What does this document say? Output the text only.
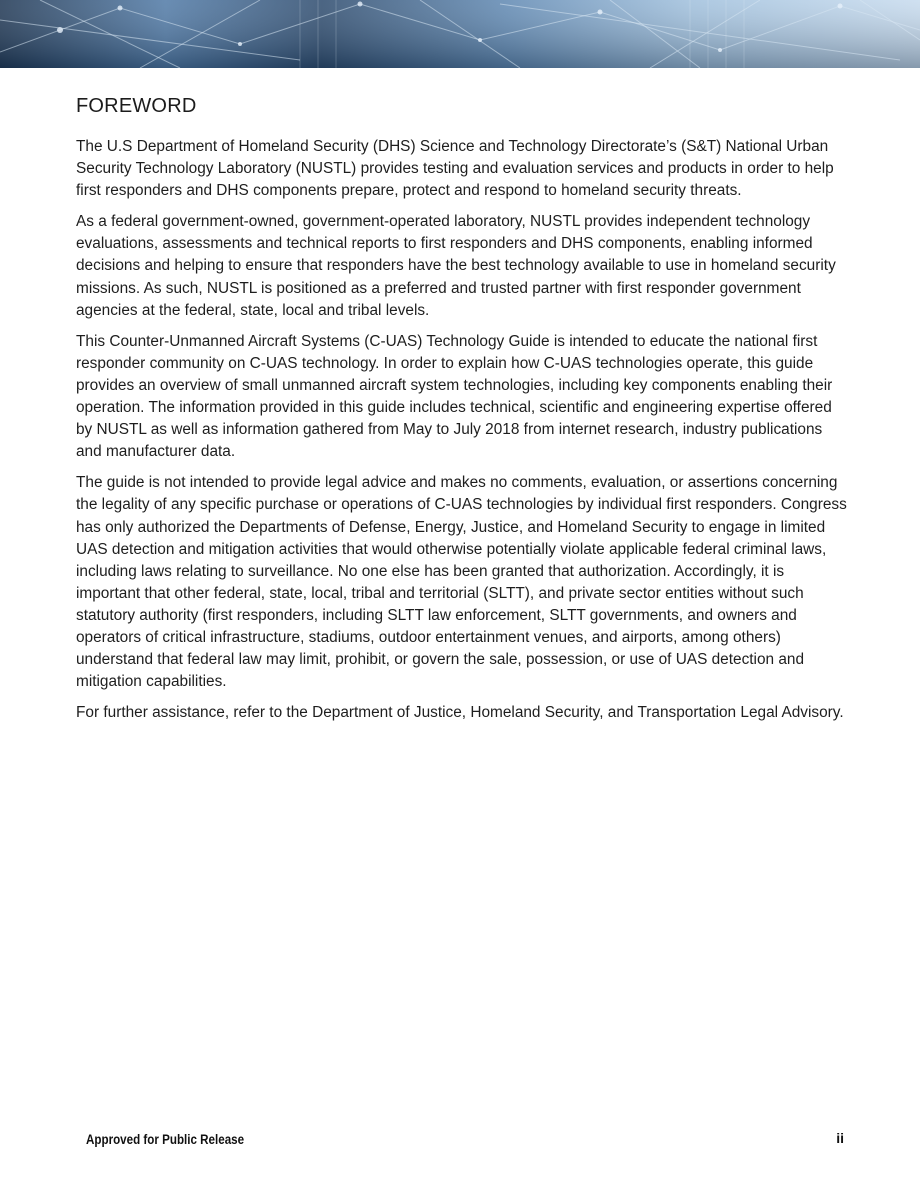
FOREWORD

The U.S Department of Homeland Security (DHS) Science and Technology Directorate’s (S&T) National Urban Security Technology Laboratory (NUSTL) provides testing and evaluation services and products in order to help first responders and DHS components prepare, protect and respond to homeland security threats.

As a federal government-owned, government-operated laboratory, NUSTL provides independent technology evaluations, assessments and technical reports to first responders and DHS components, enabling informed decisions and helping to ensure that responders have the best technology available to use in homeland security missions. As such, NUSTL is positioned as a preferred and trusted partner with first responder government agencies at the federal, state, local and tribal levels.

This Counter-Unmanned Aircraft Systems (C-UAS) Technology Guide is intended to educate the national first responder community on C-UAS technology. In order to explain how C-UAS technologies operate, this guide provides an overview of small unmanned aircraft system technologies, including key components enabling their operation. The information provided in this guide includes technical, scientific and engineering expertise offered by NUSTL as well as information gathered from May to July 2018 from internet research, industry publications and manufacturer data.

The guide is not intended to provide legal advice and makes no comments, evaluation, or assertions concerning the legality of any specific purchase or operations of C-UAS technologies by individual first responders. Congress has only authorized the Departments of Defense, Energy, Justice, and Homeland Security to engage in limited UAS detection and mitigation activities that would otherwise potentially violate applicable federal criminal laws, including laws relating to surveillance. No one else has been granted that authorization. Accordingly, it is important that other federal, state, local, tribal and territorial (SLTT), and private sector entities without such statutory authority (first responders, including SLTT law enforcement, SLTT governments, and owners and operators of critical infrastructure, stadiums, outdoor entertainment venues, and airports, among others) understand that federal law may limit, prohibit, or govern the sale, possession, or use of UAS detection and mitigation capabilities.

For further assistance, refer to the Department of Justice, Homeland Security, and Transportation Legal Advisory.

Approved for Public Release	ii
